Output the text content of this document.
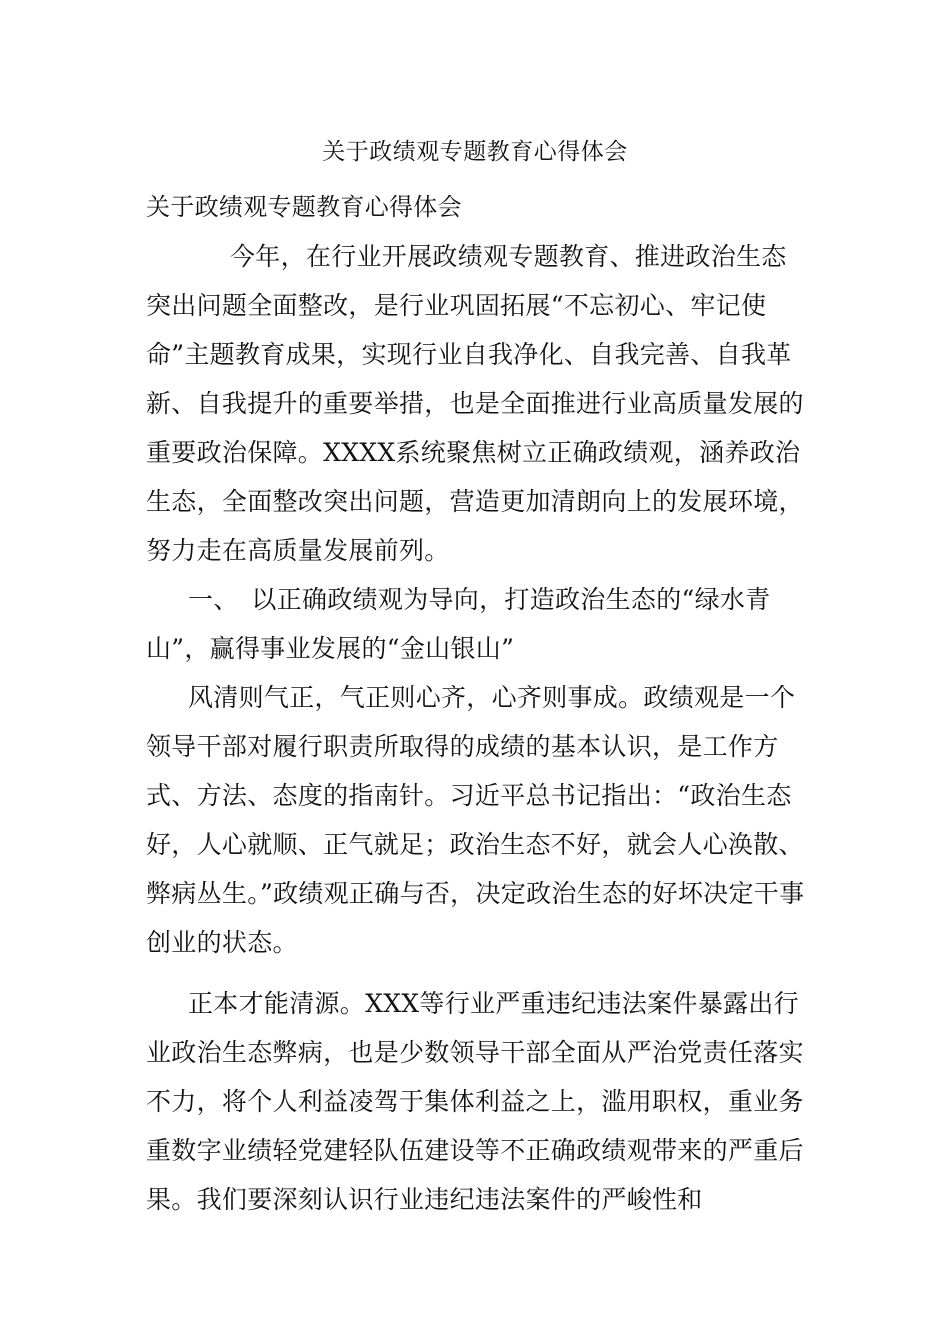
关于政绩观专题教育心得体会

关于政绩观专题教育心得体会

今年，在行业开展政绩观专题教育、推进政治生态突出问题全面整改，是行业巩固拓展“不忘初心、牢记使命”主题教育成果，实现行业自我净化、自我完善、自我革新、自我提升的重要举措，也是全面推进行业高质量发展的重要政治保障。XXXX系统聚焦树立正确政绩观，涵养政治生态，全面整改突出问题，营造更加清朗向上的发展环境，努力走在高质量发展前列。

一、　以正确政绩观为导向，打造政治生态的“绿水青山”，赢得事业发展的“金山银山”

风清则气正，气正则心齐，心齐则事成。政绩观是一个领导干部对履行职责所取得的成绩的基本认识，是工作方式、方法、态度的指南针。习近平总书记指出：“政治生态好，人心就顺、正气就足；政治生态不好，就会人心涣散、弊病丛生。”政绩观正确与否，决定政治生态的好坏决定干事创业的状态。

正本才能清源。XXX等行业严重违纪违法案件暴露出行业政治生态弊病，也是少数领导干部全面从严治党责任落实不力，将个人利益凌驾于集体利益之上，滥用职权，重业务重数字业绩轻党建轻队伍建设等不正确政绩观带来的严重后果。我们要深刻认识行业违纪违法案件的严峻性和
